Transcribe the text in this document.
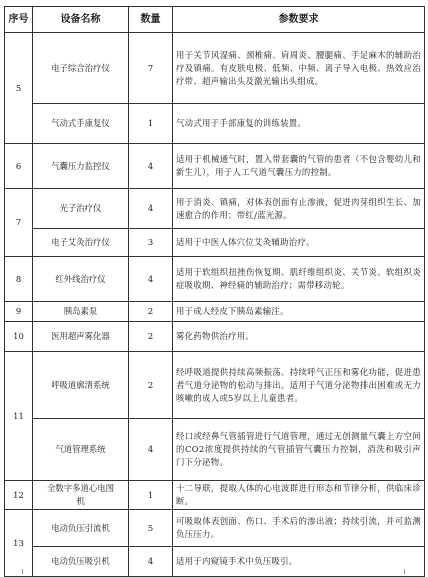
序号	设备名称	数量	参数要求
5	电子综合治疗仪	7	用于关节风湿痛、颈椎痛、肩周炎、腰腿痛、手足麻木的辅助治疗及镇痛。有皮肤电极、低频、中频、离子导入电极、热效应治疗带、超声输出头及激光输出头组成。
	气动式手康复仪	1	气动式用于手部康复的训练装置。
6	气囊压力监控仪	4	适用于机械通气时，置入带套囊的气管的患者（不包含婴幼儿和新生儿），用于人工气道气囊压力的控制。
7	光子治疗仪	4	用于消炎、镇痛，对体表创面有止渗液，促进肉芽组织生长、加速愈合的作用；带红/蓝光源。
	电子艾灸治疗仪	3	适用于中医人体穴位艾灸辅助治疗。
8	红外线治疗仪	4	适用于软组织扭挫伤恢复期、肌纤维组织炎、关节炎、软组织炎症吸收期、神经痛的辅助治疗；需带移动轮。
9	胰岛素泵	2	用于成人经皮下胰岛素输注。
10	医用超声雾化器	2	雾化药物供治疗用。
11	呼吸道廓清系统	2	经呼吸道提供持续高频振荡、持续呼气正压和雾化功能，促进患者气道分泌物的松动与排出。适用于气道分泌物排出困难或无力咳嗽的成人或5岁以上儿童患者。
	气道管理系统	4	经口或经鼻气管插管进行气道管理，通过无创测量气囊上方空间的CO2浓度提供持续的气管插管气囊压力控制，消洗和吸引声门下分泌物。
12	全数字多道心电图机	1	十二导联，提取人体的心电波群进行形态和节律分析，供临床诊断。
13	电动负压引流机	5	可吸取体表创面、伤口、手术后的渗出液；持续引流，并可监测负压压力。
	电动负压吸引机	4	适用于内窥镜手术中负压吸引。
